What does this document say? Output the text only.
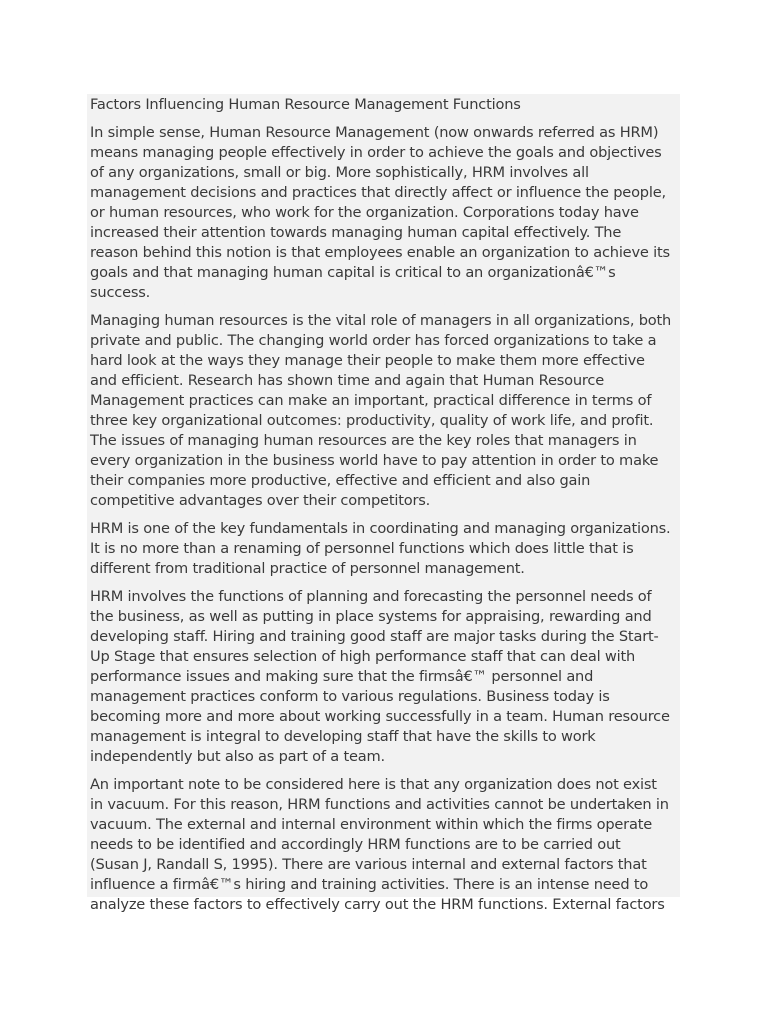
Factors Influencing Human Resource Management Functions
In simple sense, Human Resource Management (now onwards referred as HRM)
means managing people effectively in order to achieve the goals and objectives
of any organizations, small or big. More sophistically, HRM involves all
management decisions and practices that directly affect or influence the people,
or human resources, who work for the organization. Corporations today have
increased their attention towards managing human capital effectively. The
reason behind this notion is that employees enable an organization to achieve its
goals and that managing human capital is critical to an organizationâ€™s
success.
Managing human resources is the vital role of managers in all organizations, both
private and public. The changing world order has forced organizations to take a
hard look at the ways they manage their people to make them more effective
and efficient. Research has shown time and again that Human Resource
Management practices can make an important, practical difference in terms of
three key organizational outcomes: productivity, quality of work life, and profit.
The issues of managing human resources are the key roles that managers in
every organization in the business world have to pay attention in order to make
their companies more productive, effective and efficient and also gain
competitive advantages over their competitors.
HRM is one of the key fundamentals in coordinating and managing organizations.
It is no more than a renaming of personnel functions which does little that is
different from traditional practice of personnel management.
HRM involves the functions of planning and forecasting the personnel needs of
the business, as well as putting in place systems for appraising, rewarding and
developing staff. Hiring and training good staff are major tasks during the Start-
Up Stage that ensures selection of high performance staff that can deal with
performance issues and making sure that the firmsâ€™ personnel and
management practices conform to various regulations. Business today is
becoming more and more about working successfully in a team. Human resource
management is integral to developing staff that have the skills to work
independently but also as part of a team.
An important note to be considered here is that any organization does not exist
in vacuum. For this reason, HRM functions and activities cannot be undertaken in
vacuum. The external and internal environment within which the firms operate
needs to be identified and accordingly HRM functions are to be carried out
(Susan J, Randall S, 1995). There are various internal and external factors that
influence a firmâ€™s hiring and training activities. There is an intense need to
analyze these factors to effectively carry out the HRM functions. External factors
